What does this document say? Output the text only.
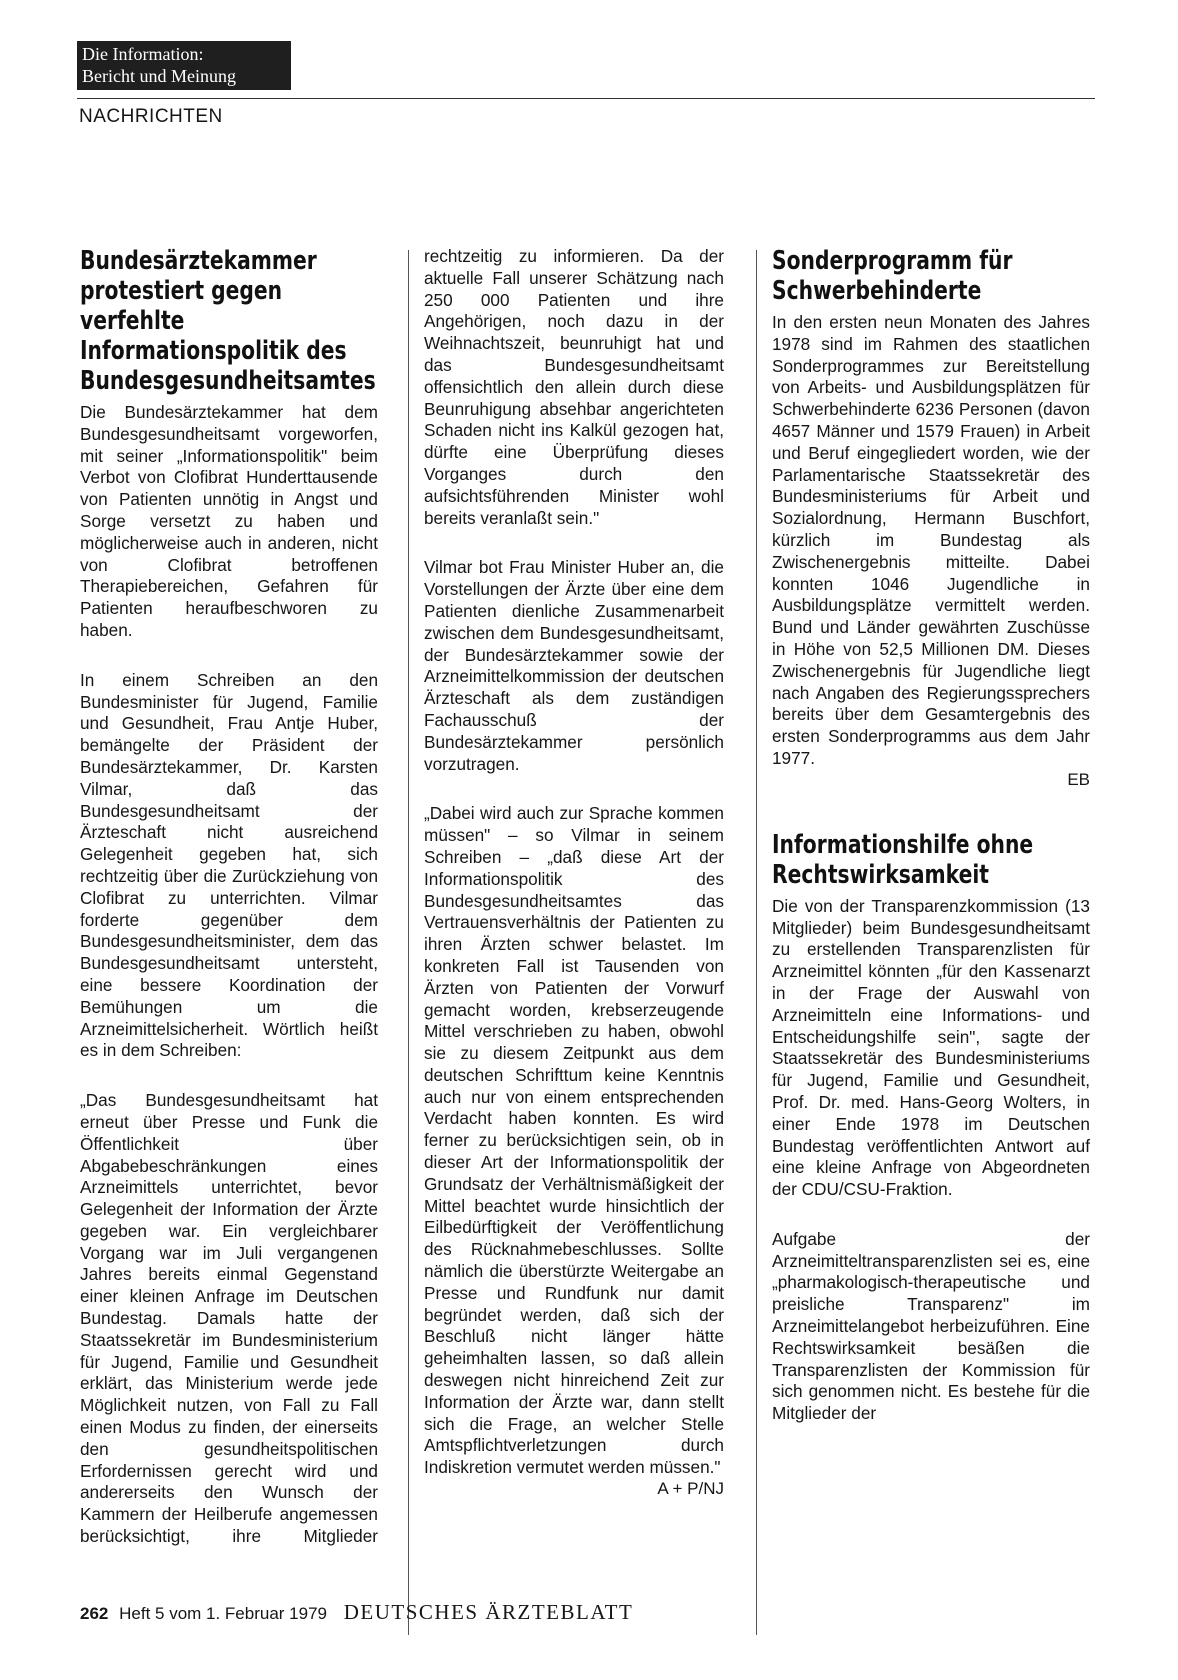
Die Information:
Bericht und Meinung
NACHRICHTEN
Bundesärztekammer protestiert gegen verfehlte Informationspolitik des Bundesgesundheitsamtes

Die Bundesärztekammer hat dem Bundesgesundheitsamt vorgeworfen, mit seiner „Informationspolitik" beim Verbot von Clofibrat Hunderttausende von Patienten unnötig in Angst und Sorge versetzt zu haben und möglicherweise auch in anderen, nicht von Clofibrat betroffenen Therapiebereichen, Gefahren für Patienten heraufbeschworen zu haben.

In einem Schreiben an den Bundesminister für Jugend, Familie und Gesundheit, Frau Antje Huber, bemängelte der Präsident der Bundesärztekammer, Dr. Karsten Vilmar, daß das Bundesgesundheitsamt der Ärzteschaft nicht ausreichend Gelegenheit gegeben hat, sich rechtzeitig über die Zurückziehung von Clofibrat zu unterrichten. Vilmar forderte gegenüber dem Bundesgesundheitsminister, dem das Bundesgesundheitsamt untersteht, eine bessere Koordination der Bemühungen um die Arzneimittelsicherheit. Wörtlich heißt es in dem Schreiben:

„Das Bundesgesundheitsamt hat erneut über Presse und Funk die Öffentlichkeit über Abgabebeschränkungen eines Arzneimittels unterrichtet, bevor Gelegenheit der Information der Ärzte gegeben war. Ein vergleichbarer Vorgang war im Juli vergangenen Jahres bereits einmal Gegenstand einer kleinen Anfrage im Deutschen Bundestag. Damals hatte der Staatssekretär im Bundesministerium für Jugend, Familie und Gesundheit erklärt, das Ministerium werde jede Möglichkeit nutzen, von Fall zu Fall einen Modus zu finden, der einerseits den gesundheitspolitischen Erfordernissen gerecht wird und andererseits den Wunsch der Kammern der Heilberufe angemessen berücksichtigt, ihre Mitglieder

rechtzeitig zu informieren. Da der aktuelle Fall unserer Schätzung nach 250 000 Patienten und ihre Angehörigen, noch dazu in der Weihnachtszeit, beunruhigt hat und das Bundesgesundheitsamt offensichtlich den allein durch diese Beunruhigung absehbar angerichteten Schaden nicht ins Kalkül gezogen hat, dürfte eine Überprüfung dieses Vorganges durch den aufsichtsführenden Minister wohl bereits veranlaßt sein."

Vilmar bot Frau Minister Huber an, die Vorstellungen der Ärzte über eine dem Patienten dienliche Zusammenarbeit zwischen dem Bundesgesundheitsamt, der Bundesärztekammer sowie der Arzneimittelkommission der deutschen Ärzteschaft als dem zuständigen Fachausschuß der Bundesärztekammer persönlich vorzutragen.

„Dabei wird auch zur Sprache kommen müssen" – so Vilmar in seinem Schreiben – „daß diese Art der Informationspolitik des Bundesgesundheitsamtes das Vertrauensverhältnis der Patienten zu ihren Ärzten schwer belastet. Im konkreten Fall ist Tausenden von Ärzten von Patienten der Vorwurf gemacht worden, krebserzeugende Mittel verschrieben zu haben, obwohl sie zu diesem Zeitpunkt aus dem deutschen Schrifttum keine Kenntnis auch nur von einem entsprechenden Verdacht haben konnten. Es wird ferner zu berücksichtigen sein, ob in dieser Art der Informationspolitik der Grundsatz der Verhältnismäßigkeit der Mittel beachtet wurde hinsichtlich der Eilbedürftigkeit der Veröffentlichung des Rücknahmebeschlusses. Sollte nämlich die überstürzte Weitergabe an Presse und Rundfunk nur damit begründet werden, daß sich der Beschluß nicht länger hätte geheimhalten lassen, so daß allein deswegen nicht hinreichend Zeit zur Information der Ärzte war, dann stellt sich die Frage, an welcher Stelle Amtspflichtverletzungen durch Indiskretion vermutet werden müssen."

A + P/NJ
Sonderprogramm für Schwerbehinderte

In den ersten neun Monaten des Jahres 1978 sind im Rahmen des staatlichen Sonderprogrammes zur Bereitstellung von Arbeits- und Ausbildungsplätzen für Schwerbehinderte 6236 Personen (davon 4657 Männer und 1579 Frauen) in Arbeit und Beruf eingegliedert worden, wie der Parlamentarische Staatssekretär des Bundesministeriums für Arbeit und Sozialordnung, Hermann Buschfort, kürzlich im Bundestag als Zwischenergebnis mitteilte. Dabei konnten 1046 Jugendliche in Ausbildungsplätze vermittelt werden. Bund und Länder gewährten Zuschüsse in Höhe von 52,5 Millionen DM. Dieses Zwischenergebnis für Jugendliche liegt nach Angaben des Regierungssprechers bereits über dem Gesamtergebnis des ersten Sonderprogramms aus dem Jahr 1977.

EB
Informationshilfe ohne Rechtswirksamkeit

Die von der Transparenzkommission (13 Mitglieder) beim Bundesgesundheitsamt zu erstellenden Transparenzlisten für Arzneimittel könnten „für den Kassenarzt in der Frage der Auswahl von Arzneimitteln eine Informations- und Entscheidungshilfe sein", sagte der Staatssekretär des Bundesministeriums für Jugend, Familie und Gesundheit, Prof. Dr. med. Hans-Georg Wolters, in einer Ende 1978 im Deutschen Bundestag veröffentlichten Antwort auf eine kleine Anfrage von Abgeordneten der CDU/CSU-Fraktion.

Aufgabe der Arzneimitteltransparenzlisten sei es, eine „pharmakologisch-therapeutische und preisliche Transparenz" im Arzneimittelangebot herbeizuführen. Eine Rechtswirksamkeit besäßen die Transparenzlisten der Kommission für sich genommen nicht. Es bestehe für die Mitglieder der

262 Heft 5 vom 1. Februar 1979 DEUTSCHES ÄRZTEBLATT
